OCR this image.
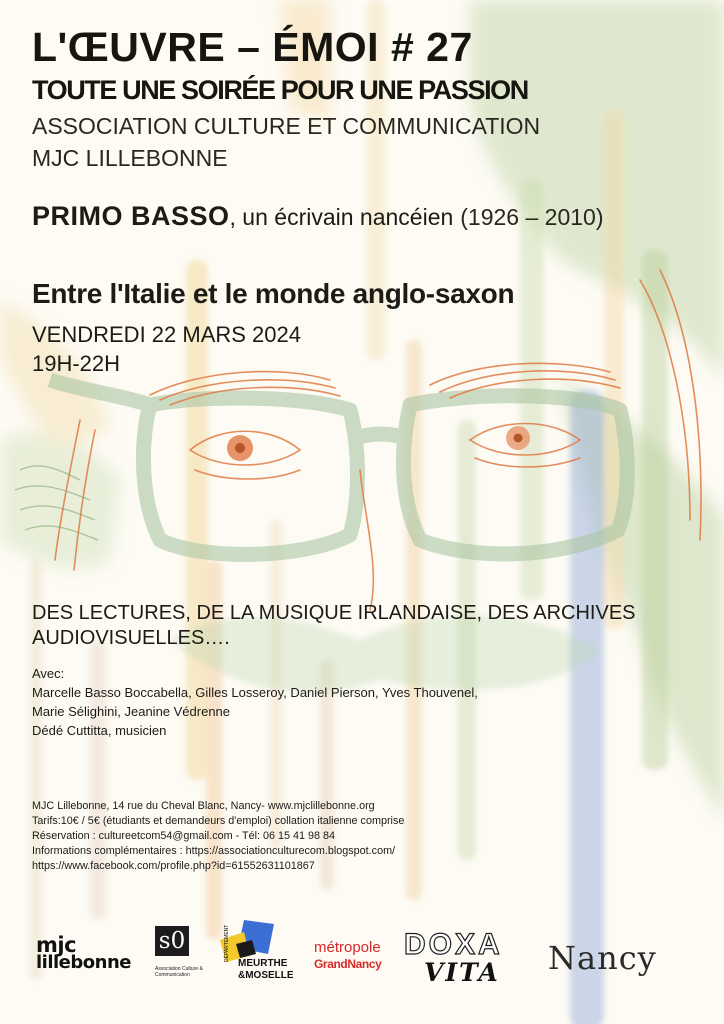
L'ŒUVRE – ÉMOI # 27

TOUTE UNE SOIRÉE POUR UNE PASSION

ASSOCIATION CULTURE ET COMMUNICATION

MJC LILLEBONNE

PRIMO BASSO, un écrivain nancéien (1926 – 2010)

Entre l'Italie et le monde anglo-saxon

VENDREDI 22 MARS 2024

19H-22H

DES LECTURES, DE LA MUSIQUE IRLANDAISE, DES ARCHIVES
AUDIOVISUELLES….

Avec:

Marcelle Basso Boccabella, Gilles Losseroy, Daniel Pierson, Yves Thouvenel,

Marie Sélighini, Jeanine Védrenne

Dédé Cuttitta, musicien

MJC Lillebonne, 14 rue du Cheval Blanc, Nancy- www.mjclillebonne.org

Tarifs:10€ / 5€ (étudiants et demandeurs d'emploi) collation italienne comprise

Réservation : cultureetcom54@gmail.com - Tél: 06 15 41 98 84

Informations complémentaires : https://associationculturecom.blogspot.com/

https://www.facebook.com/profile.php?id=61552631101867

mjc
lillebonne
s0
Association Culture & Communication
MEURTHE
&MOSELLE
DÉPARTEMENT	métropole
GrandNancy
DOXA
VITA	Nancy
